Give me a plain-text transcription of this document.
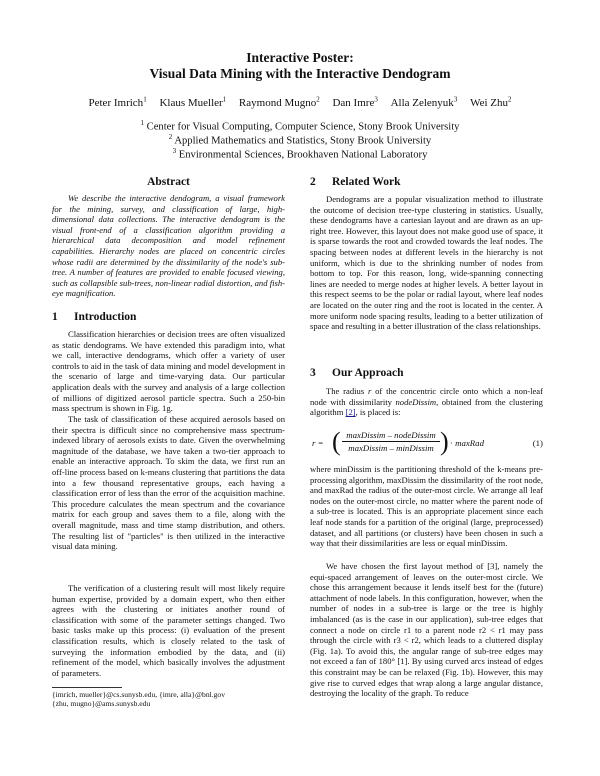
Interactive Poster:
Visual Data Mining with the Interactive Dendogram
Peter Imrich$^1$ Klaus Mueller$^1$ Raymond Mugno$^2$ Dan Imre$^3$ Alla Zelenyuk$^3$ Wei Zhu$^2$
$^1$ Center for Visual Computing, Computer Science, Stony Brook University
$^2$ Applied Mathematics and Statistics, Stony Brook University
$^3$ Environmental Sciences, Brookhaven National Laboratory
Abstract

We describe the interactive dendogram, a visual framework for the mining, survey, and classification of large, high-dimensional data collections. The interactive dendogram is the visual front-end of a classification algorithm providing a hierarchical data decomposition and model refinement capabilities. Hierarchy nodes are placed on concentric circles whose radii are determined by the dissimilarity of the node's sub-tree. A number of features are provided to enable focused viewing, such as collapsible sub-trees, non-linear radial distortion, and fish-eye magnification.

1 Introduction

Classification hierarchies or decision trees are often visualized as static dendograms. We have extended this paradigm into, what we call, interactive dendograms, which offer a variety of user controls to aid in the task of data mining and model development in the scenario of large and time-varying data. Our particular application deals with the survey and analysis of a large collection of millions of digitized aerosol particle spectra. Such a 250-bin mass spectrum is shown in Fig. 1g.

The task of classification of these acquired aerosols based on their spectra is difficult since no comprehensive mass spectrum-indexed library of aerosols exists to date. Given the overwhelming magnitude of the database, we have taken a two-tier approach to enable an interactive approach. To skim the data, we first run an off-line process based on k-means clustering that partitions the data into a few thousand representative groups, each having a classification error of less than the error of the acquisition machine. This procedure calculates the mean spectrum and the covariance matrix for each group and saves them to a file, along with the overall magnitude, mass and time stamp distribution, and others. The resulting list of "particles" is then utilized in the interactive visual data mining.

The verification of a clustering result will most likely require human expertise, provided by a domain expert, who then either agrees with the clustering or initiates another round of classification with some of the parameter settings changed. Two basic tasks make up this process: (i) evaluation of the present classification results, which is closely related to the task of surveying the information embodied by the data, and (ii) refinement of the model, which basically involves the adjustment of parameters.

{imrich, mueller}@cs.sunysb.edu, {imre, alla}@bnl.gov
{zhu, mugno}@ams.sunysb.edu
2 Related Work

Dendograms are a popular visualization method to illustrate the outcome of decision tree-type clustering in statistics. Usually, these dendograms have a cartesian layout and are drawn as an up-right tree. However, this layout does not make good use of space, it is sparse towards the root and crowded towards the leaf nodes. The spacing between nodes at different levels in the hierarchy is not uniform, which is due to the shrinking number of nodes from bottom to top. For this reason, long, wide-spanning connecting lines are needed to merge nodes at higher levels. A better layout in this respect seems to be the polar or radial layout, where leaf nodes are located on the outer ring and the root is located in the center. A more uniform node spacing results, leading to a better utilization of space and resulting in a better illustration of the class relationships.

3 Our Approach

The radius r of the concentric circle onto which a non-leaf node with dissimilarity nodeDissim, obtained from the clustering algorithm [2], is placed is:

r = ( maxDissim – nodeDissim
maxDissim – minDissim ) · maxRad	(1)

where minDissim is the partitioning threshold of the k-means pre-processing algorithm, maxDissim the dissimilarity of the root node, and maxRad the radius of the outer-most circle. We arrange all leaf nodes on the outer-most circle, no matter where the parent node of a sub-tree is located. This is an appropriate placement since each leaf node stands for a partition of the original (large, preprocessed) dataset, and all partitions (or clusters) have been chosen in such a way that their dissimilarities are less or equal minDissim.

We have chosen the first layout method of [3], namely the equi-spaced arrangement of leaves on the outer-most circle. We chose this arrangement because it lends itself best for the (future) attachment of node labels. In this configuration, however, when the number of nodes in a sub-tree is large or the tree is highly imbalanced (as is the case in our application), sub-tree edges that connect a node on circle r1 to a parent node r2 < r1 may pass through the circle with r3 < r2, which leads to a cluttered display (Fig. 1a). To avoid this, the angular range of sub-tree edges may not exceed a fan of 180° [1]. By using curved arcs instead of edges this constraint may be can be relaxed (Fig. 1b). However, this may give rise to curved edges that wrap along a large angular distance, destroying the locality of the graph. To reduce
